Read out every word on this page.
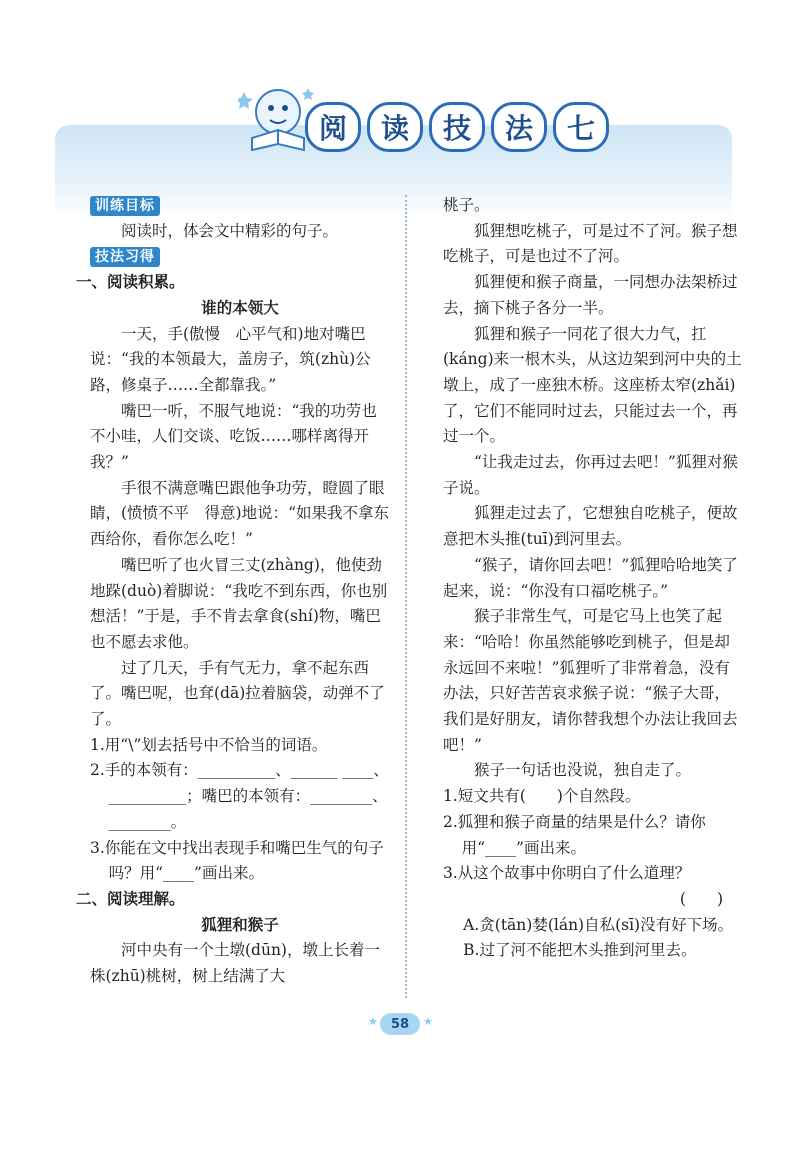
阅	读	技	法	七

训练目标

阅读时，体会文中精彩的句子。

技法习得

一、阅读积累。

谁的本领大

一天，手(傲慢　心平气和)地对嘴巴说：“我的本领最大，盖房子，筑(zhù)公路，修桌子……全都靠我。”

嘴巴一听，不服气地说：“我的功劳也不小哇，人们交谈、吃饭……哪样离得开我？”

手很不满意嘴巴跟他争功劳，瞪圆了眼睛，(愤愤不平　得意)地说：“如果我不拿东西给你，看你怎么吃！”

嘴巴听了也火冒三丈(zhàng)，他使劲地跺(duò)着脚说：“我吃不到东西，你也别想活！”于是，手不肯去拿食(shí)物，嘴巴也不愿去求他。

过了几天，手有气无力，拿不起东西了。嘴巴呢，也耷(dā)拉着脑袋，动弹不了了。

1.用“\”划去括号中不恰当的词语。

2.手的本领有：__________、______ ____、__________；嘴巴的本领有：________、________。

3.你能在文中找出表现手和嘴巴生气的句子吗？用“____”画出来。

二、阅读理解。

狐狸和猴子

河中央有一个土墩(dūn)，墩上长着一株(zhū)桃树，树上结满了大

桃子。

狐狸想吃桃子，可是过不了河。猴子想吃桃子，可是也过不了河。

狐狸便和猴子商量，一同想办法架桥过去，摘下桃子各分一半。

狐狸和猴子一同花了很大力气，扛(káng)来一根木头，从这边架到河中央的土墩上，成了一座独木桥。这座桥太窄(zhǎi)了，它们不能同时过去，只能过去一个，再过一个。

“让我走过去，你再过去吧！”狐狸对猴子说。

狐狸走过去了，它想独自吃桃子，便故意把木头推(tuī)到河里去。

“猴子，请你回去吧！”狐狸哈哈地笑了起来，说：“你没有口福吃桃子。”

猴子非常生气，可是它马上也笑了起来：“哈哈！你虽然能够吃到桃子，但是却永远回不来啦！”狐狸听了非常着急，没有办法，只好苦苦哀求猴子说：“猴子大哥，我们是好朋友，请你替我想个办法让我回去吧！”

猴子一句话也没说，独自走了。

1.短文共有(　　)个自然段。

2.狐狸和猴子商量的结果是什么？请你用“____”画出来。

3.从这个故事中你明白了什么道理？

(　　)

A.贪(tān)婪(lán)自私(sī)没有好下场。

B.过了河不能把木头推到河里去。

★	58	★
